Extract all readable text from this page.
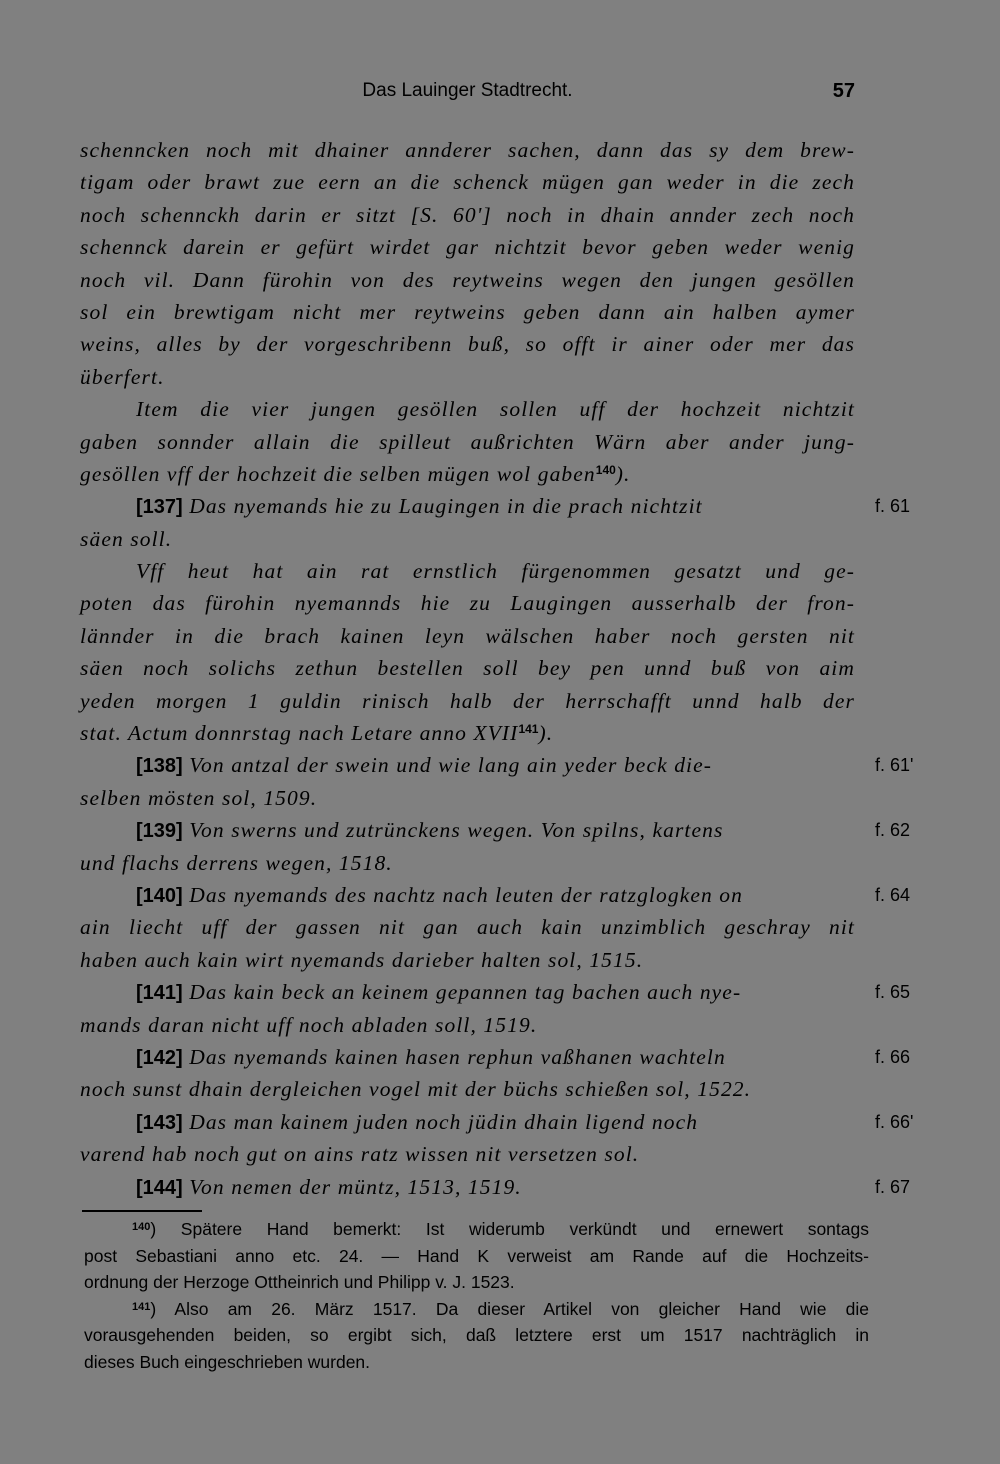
Das Lauinger Stadtrecht.	57
schenncken noch mit dhainer annderer sachen, dann das sy dem brew-
tigam oder brawt zue eern an die schenck mügen gan weder in die zech
noch schennckh darin er sitzt [S. 60'] noch in dhain annder zech noch
schennck darein er gefürt wirdet gar nichtzit bevor geben weder wenig
noch vil. Dann fürohin von des reytweins wegen den jungen gesöllen
sol ein brewtigam nicht mer reytweins geben dann ain halben aymer
weins, alles by der vorgeschribenn buß, so offt ir ainer oder mer das
überfert.
Item die vier jungen gesöllen sollen uff der hochzeit nichtzit
gaben sonnder allain die spilleut außrichten Wärn aber ander jung-
gesöllen vff der hochzeit die selben mügen wol gaben$^{140}$).
[137] Das nyemands hie zu Laugingen in die prach nichtzit	f. 61
säen soll.
Vff heut hat ain rat ernstlich fürgenommen gesatzt und ge-
poten das fürohin nyemannds hie zu Laugingen ausserhalb der fron-
lännder in die brach kainen leyn wälschen haber noch gersten nit
säen noch solichs zethun bestellen soll bey pen unnd buß von aim
yeden morgen 1 guldin rinisch halb der herrschafft unnd halb der
stat. Actum donnrstag nach Letare anno XVII$^{141}$).
[138] Von antzal der swein und wie lang ain yeder beck die-	f. 61'
selben mösten sol, 1509.
[139] Von swerns und zutrünckens wegen. Von spilns, kartens	f. 62
und flachs derrens wegen, 1518.
[140] Das nyemands des nachtz nach leuten der ratzglogken on	f. 64
ain liecht uff der gassen nit gan auch kain unzimblich geschray nit
haben auch kain wirt nyemands darieber halten sol, 1515.
[141] Das kain beck an keinem gepannen tag bachen auch nye-	f. 65
mands daran nicht uff noch abladen soll, 1519.
[142] Das nyemands kainen hasen rephun vaßhanen wachteln	f. 66
noch sunst dhain dergleichen vogel mit der büchs schießen sol, 1522.
[143] Das man kainem juden noch jüdin dhain ligend noch	f. 66'
varend hab noch gut on ains ratz wissen nit versetzen sol.
[144] Von nemen der müntz, 1513, 1519.	f. 67
$^{140}$) Spätere Hand bemerkt: Ist widerumb verkündt und ernewert sontags
post Sebastiani anno etc. 24. — Hand K verweist am Rande auf die Hochzeits-
ordnung der Herzoge Ottheinrich und Philipp v. J. 1523.
$^{141}$) Also am 26. März 1517. Da dieser Artikel von gleicher Hand wie die
vorausgehenden beiden, so ergibt sich, daß letztere erst um 1517 nachträglich in
dieses Buch eingeschrieben wurden.
